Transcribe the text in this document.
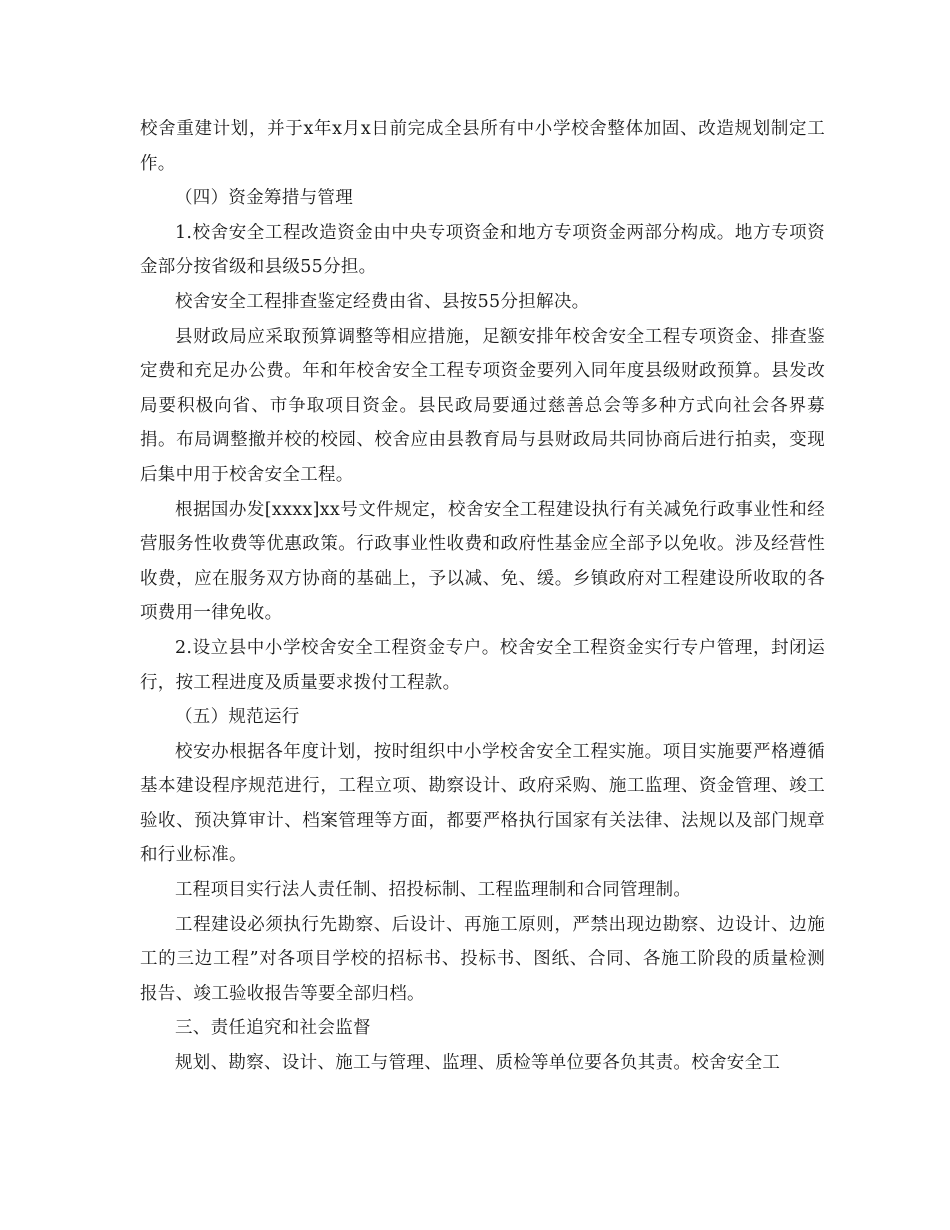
校舍重建计划，并于x年x月x日前完成全县所有中小学校舍整体加固、改造规划制定工作。

（四）资金筹措与管理

1.校舍安全工程改造资金由中央专项资金和地方专项资金两部分构成。地方专项资金部分按省级和县级55分担。

校舍安全工程排查鉴定经费由省、县按55分担解决。

县财政局应采取预算调整等相应措施，足额安排年校舍安全工程专项资金、排查鉴定费和充足办公费。年和年校舍安全工程专项资金要列入同年度县级财政预算。县发改局要积极向省、市争取项目资金。县民政局要通过慈善总会等多种方式向社会各界募捐。布局调整撤并校的校园、校舍应由县教育局与县财政局共同协商后进行拍卖，变现后集中用于校舍安全工程。

根据国办发[xxxx]xx号文件规定，校舍安全工程建设执行有关减免行政事业性和经营服务性收费等优惠政策。行政事业性收费和政府性基金应全部予以免收。涉及经营性收费，应在服务双方协商的基础上，予以减、免、缓。乡镇政府对工程建设所收取的各项费用一律免收。

2.设立县中小学校舍安全工程资金专户。校舍安全工程资金实行专户管理，封闭运行，按工程进度及质量要求拨付工程款。

（五）规范运行

校安办根据各年度计划，按时组织中小学校舍安全工程实施。项目实施要严格遵循基本建设程序规范进行，工程立项、勘察设计、政府采购、施工监理、资金管理、竣工验收、预决算审计、档案管理等方面，都要严格执行国家有关法律、法规以及部门规章和行业标准。

工程项目实行法人责任制、招投标制、工程监理制和合同管理制。

工程建设必须执行先勘察、后设计、再施工原则，严禁出现边勘察、边设计、边施工的三边工程”对各项目学校的招标书、投标书、图纸、合同、各施工阶段的质量检测报告、竣工验收报告等要全部归档。

三、责任追究和社会监督

规划、勘察、设计、施工与管理、监理、质检等单位要各负其责。校舍安全工
